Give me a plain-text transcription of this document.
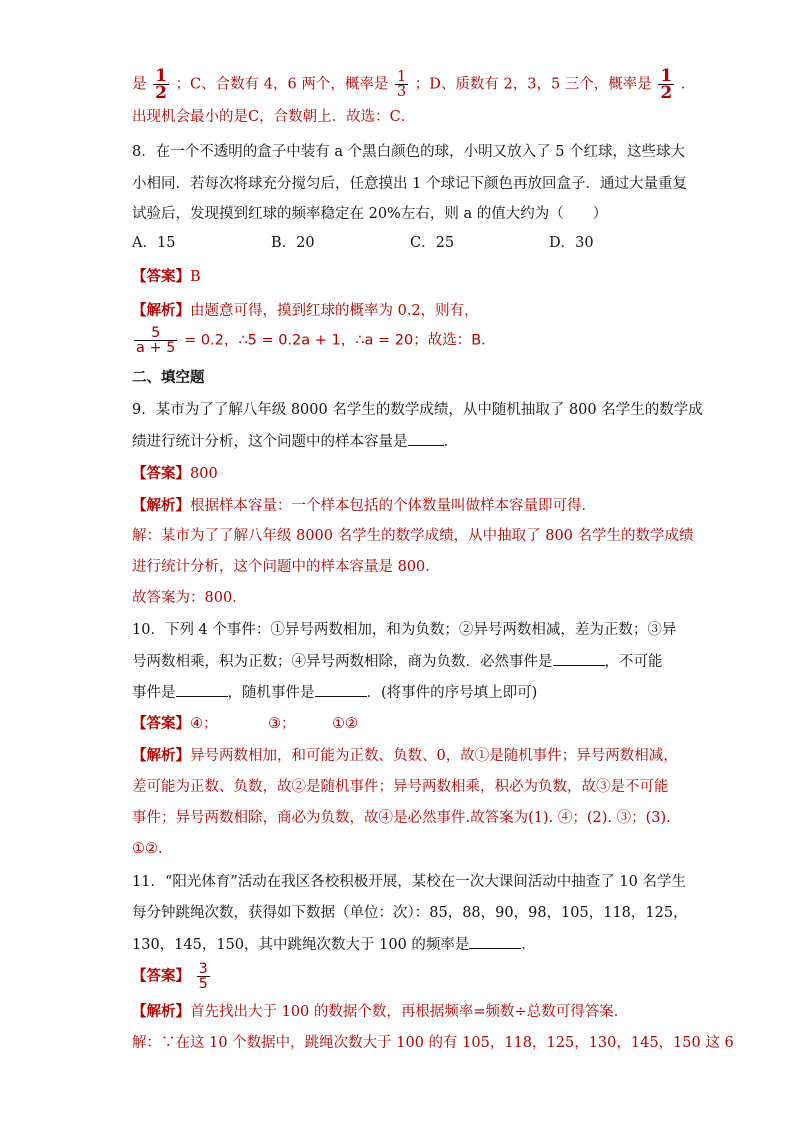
是 $\frac{1}{2}$ ；C、合数有 4，6 两个，概率是 $\frac{1}{3}$ ；D、质数有 2，3，5 三个，概率是 $\frac{1}{2}$ ．
出现机会最小的是C，合数朝上．故选：C．
8．在一个不透明的盒子中装有 a 个黑白颜色的球，小明又放入了 5 个红球，这些球大
小相同．若每次将球充分搅匀后，任意摸出 1 个球记下颜色再放回盒子．通过大量重复
试验后，发现摸到红球的频率稳定在 20%左右，则 a 的值大约为（　　）
A．15	B．20	C．25	D．30
【答案】B
【解析】由题意可得，摸到红球的概率为 0.2，则有，
$\frac{5}{a + 5} = 0.2$，∴5 = 0.2a + 1，∴a = 20；故选：B．
二、填空题
9．某市为了了解八年级 8000 名学生的数学成绩，从中随机抽取了 800 名学生的数学成
绩进行统计分析，这个问题中的样本容量是 ．
【答案】800
【解析】根据样本容量：一个样本包括的个体数量叫做样本容量即可得．
解：某市为了了解八年级 8000 名学生的数学成绩，从中抽取了 800 名学生的数学成绩
进行统计分析，这个问题中的样本容量是 800．
故答案为：800．
10．下列 4 个事件：①异号两数相加，和为负数；②异号两数相减，差为正数；③异
号两数相乘，积为正数；④异号两数相除，商为负数．必然事件是	，不可能
事件是	，随机事件是	．(将事件的序号填上即可)
【答案】④；	③；	①②
【解析】异号两数相加，和可能为正数、负数、0，故①是随机事件；异号两数相减，
差可能为正数、负数，故②是随机事件；异号两数相乘，积必为负数，故③是不可能
事件；异号两数相除，商必为负数，故④是必然事件.故答案为(1). ④；(2). ③；(3).
①②.
11．“阳光体育”活动在我区各校积极开展，某校在一次大课间活动中抽查了 10 名学生
每分钟跳绳次数，获得如下数据（单位：次）：85，88，90，98，105，118，125，
130，145，150，其中跳绳次数大于 100 的频率是	．
【答案】 $\frac{3}{5}$
【解析】首先找出大于 100 的数据个数，再根据频率=频数÷总数可得答案．
解：∵在这 10 个数据中，跳绳次数大于 100 的有 105，118，125，130，145，150 这 6
